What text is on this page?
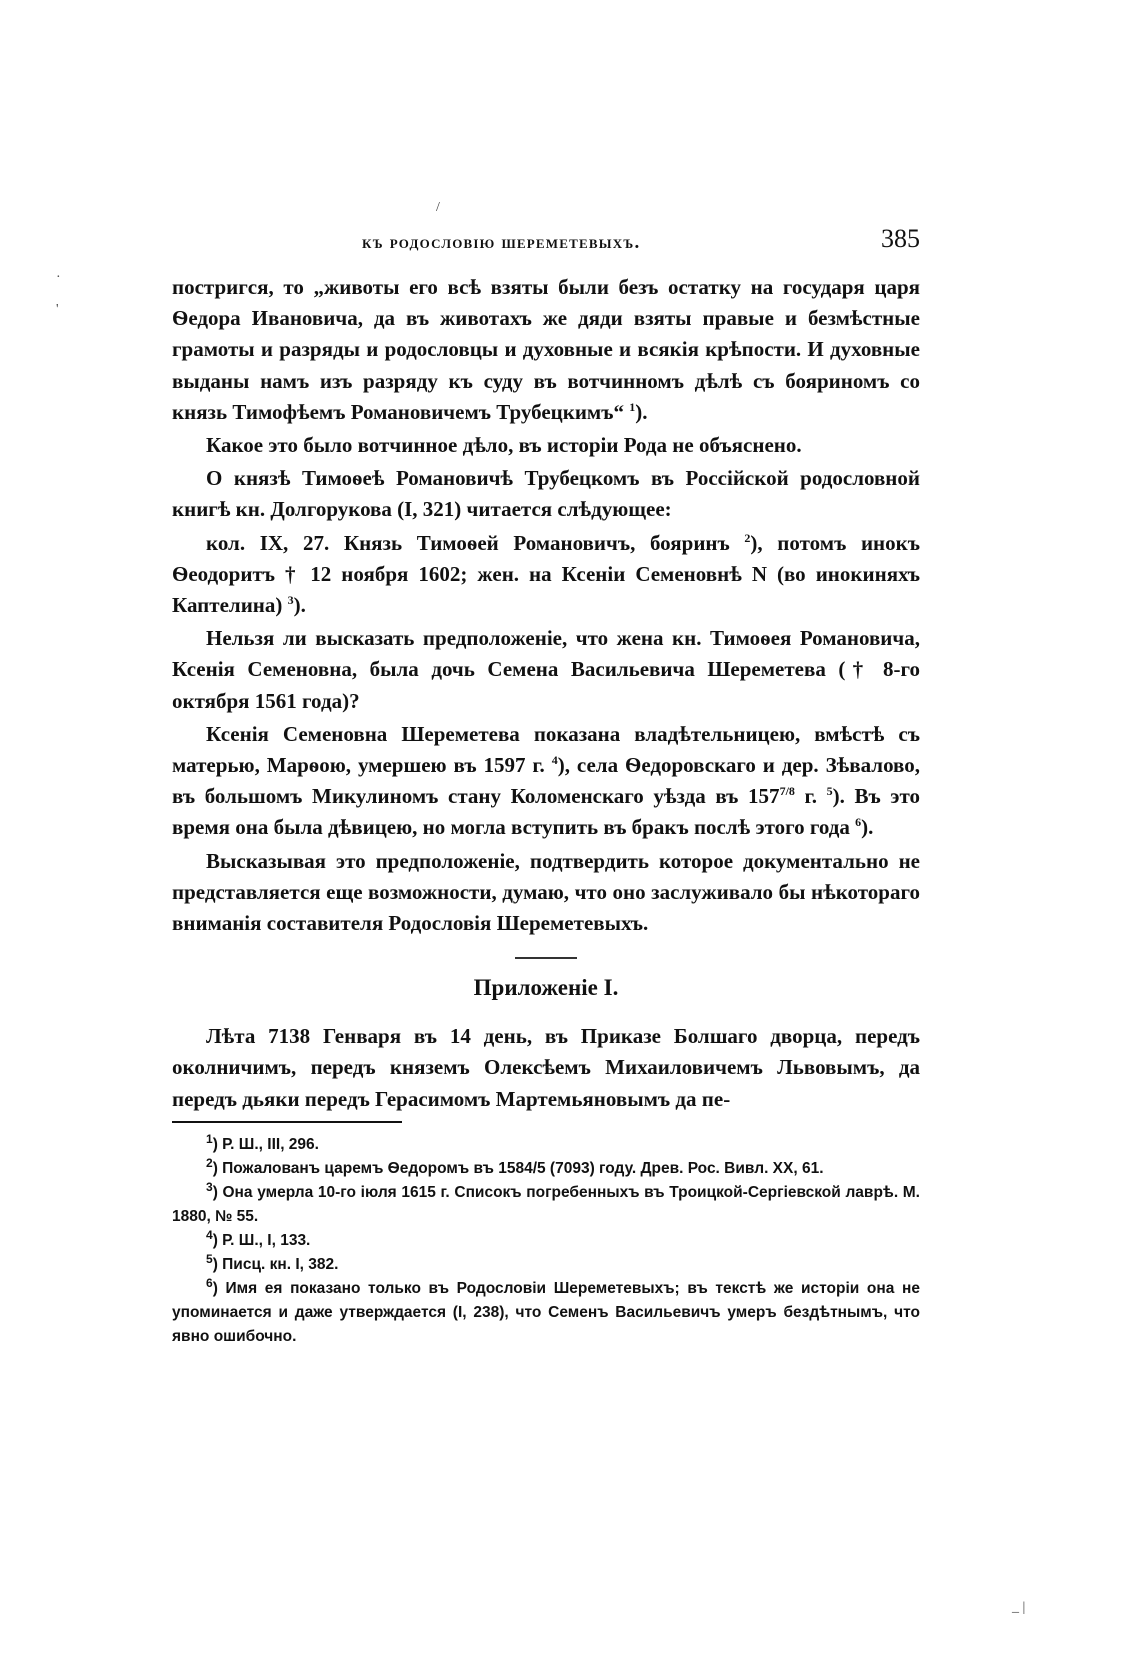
·
'
/
_ |
къ родословію шереметевыхъ.	385

постригся, то „животы его всѣ взяты были безъ остатку на государя царя Ѳедора Ивановича, да въ животахъ же дяди взяты правые и безмѣстные грамоты и разряды и родословцы и духовные и всякія крѣпости. И духовные выданы намъ изъ разряду къ суду въ вотчинномъ дѣлѣ съ бояриномъ со князь Тимофѣемъ Романовичемъ Трубецкимъ“ $^1$).

Какое это было вотчинное дѣло, въ исторіи Рода не объяснено.

О князѣ Тимоѳеѣ Романовичѣ Трубецкомъ въ Россійской родословной книгѣ кн. Долгорукова (I, 321) читается слѣдующее:

кол. IX, 27. Князь Тимоѳей Романовичъ, бояринъ $^2$), потомъ инокъ Ѳеодоритъ † 12 ноября 1602; жен. на Ксеніи Семеновнѣ N (во инокиняхъ Каптелина) $^3$).

Нельзя ли высказать предположеніе, что жена кн. Тимоѳея Романовича, Ксенія Семеновна, была дочь Семена Васильевича Шереметева († 8-го октября 1561 года)?

Ксенія Семеновна Шереметева показана владѣтельницею, вмѣстѣ съ матерью, Марѳою, умершею въ 1597 г. $^4$), села Ѳедоровскаго и дер. Зѣвалово, въ большомъ Микулиномъ стану Коломенскаго уѣзда въ $157^{7/8}$ г. $^5$). Въ это время она была дѣвицею, но могла вступить въ бракъ послѣ этого года $^6$).

Высказывая это предположеніе, подтвердить которое документально не представляется еще возможности, думаю, что оно заслуживало бы нѣкотораго вниманія составителя Родословія Шереметевыхъ.

Приложеніе I.

Лѣта 7138 Генваря въ 14 день, въ Приказе Болшаго дворца, передъ околничимъ, передъ княземъ Олексѣемъ Михаиловичемъ Львовымъ, да передъ дьяки передъ Герасимомъ Мартемьяновымъ да пе-

$^1$) Р. Ш., III, 296.

$^2$) Пожалованъ царемъ Ѳедоромъ въ 1584/5 (7093) году. Древ. Рос. Вивл. XX, 61.

$^3$) Она умерла 10-го іюля 1615 г. Списокъ погребенныхъ въ Троицкой-Сергіевской лаврѣ. М. 1880, № 55.

$^4$) Р. Ш., I, 133.

$^5$) Писц. кн. I, 382.

$^6$) Имя ея показано только въ Родословіи Шереметевыхъ; въ текстѣ же исторіи она не упоминается и даже утверждается (I, 238), что Семенъ Васильевичъ умеръ бездѣтнымъ, что явно ошибочно.
